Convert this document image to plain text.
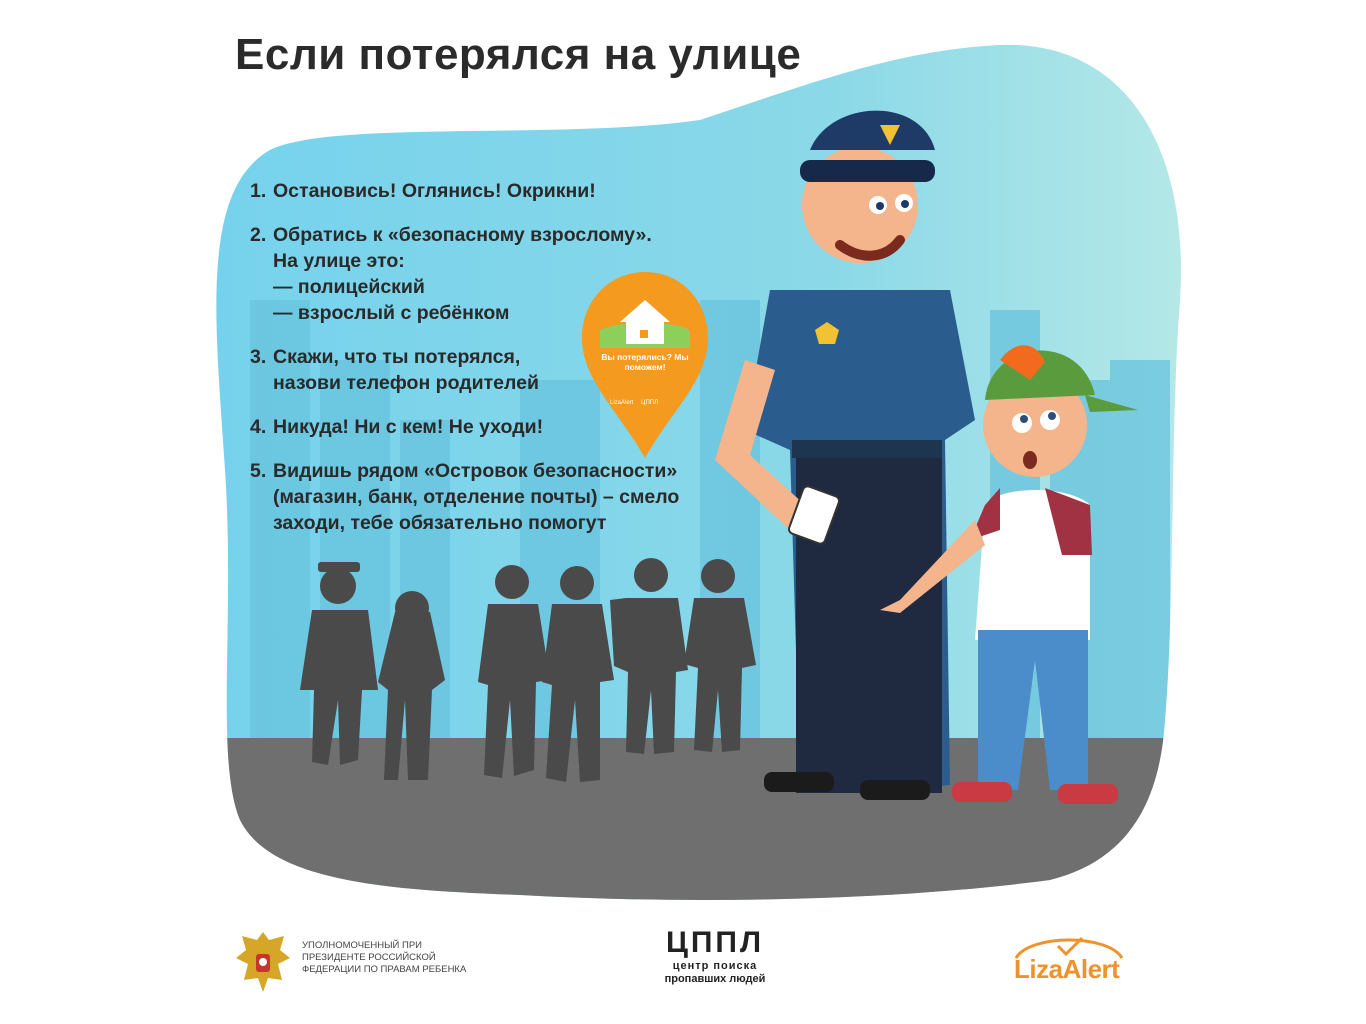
Если потерялся на улице

1. Остановись! Оглянись! Окрикни!

2. Обратись к «безопасному взрослому».
На улице это:
— полицейский
— взрослый с ребёнком

3. Скажи, что ты потерялся,
назови телефон родителей

4. Никуда! Ни с кем! Не уходи!

5. Видишь рядом «Островок безопасности»
(магазин, банк, отделение почты) – смело
заходи, тебе обязательно помогут

Вы потерялись? Мы поможем!
LizaAlert ЦППЛ
УПОЛНОМОЧЕННЫЙ ПРИ ПРЕЗИДЕНТЕ РОССИЙСКОЙ ФЕДЕРАЦИИ ПО ПРАВАМ РЕБЕНКА
ЦППЛ
центр поиска
пропавших людей	LizaAlert
